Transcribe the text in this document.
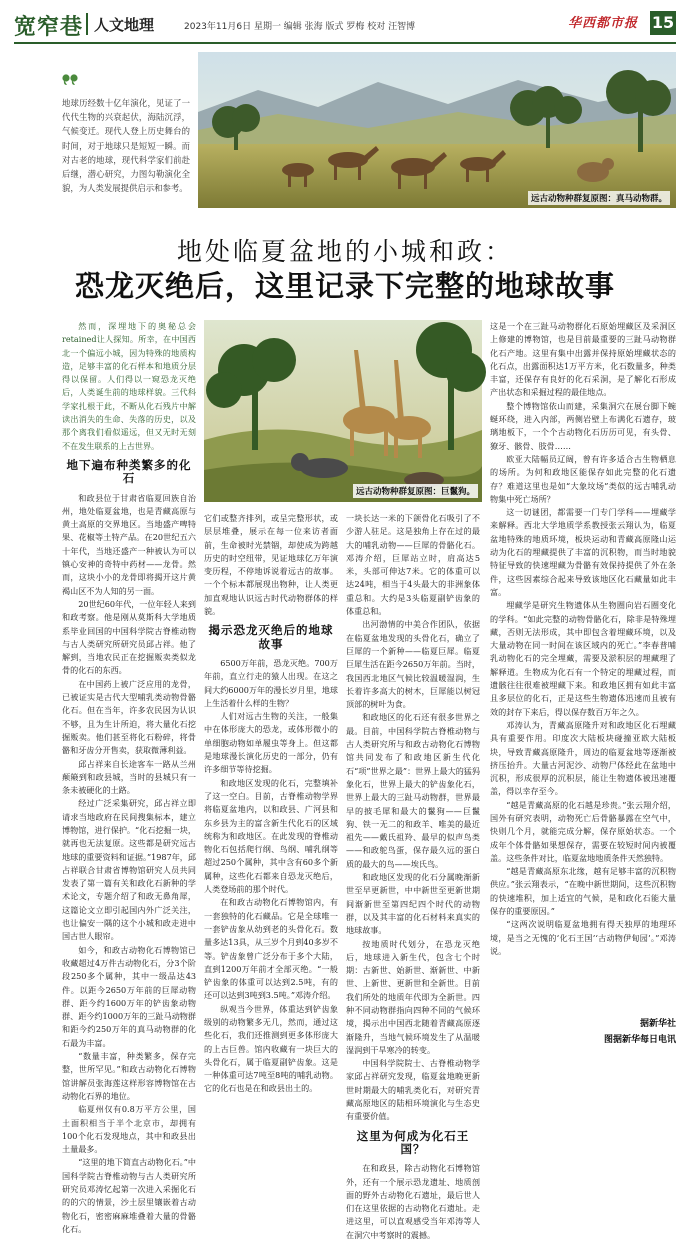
宽窄巷 人文地理	2023年11月6日 星期一 编辑 张海 版式 罗梅 校对 汪智博	华西都市报 15
地球历经数十亿年演化，见证了一代代生物的兴衰起伏，海陆沉浮，气候变迁。现代人登上历史舞台的时间，对于地球只是短短一瞬。而对古老的地球，现代科学家们前赴后继，潜心研究，力图勾勒演化全貌，为人类发展提供启示和参考。
远古动物种群复原图：真马动物群。
地处临夏盆地的小城和政：
恐龙灭绝后，这里记录下完整的地球故事

然而，深埋地下的奥秘总会retained让人探知。所幸，在中国西北一个偏远小城，因为特殊的地质构造，足够丰富的化石样本和地质分层得以保留。人们得以一窥恐龙灭绝后，人类诞生前的地球样貌。三代科学家扎根于此，不断从化石残片中解读出消失的生命、失落的历史，以及那个离我们看似遥远，但又无时无刻不在发生联系的上古世界。

地下遍布种类繁多的化石

和政县位于甘肃省临夏回族自治州，地处临夏盆地，也是青藏高原与黄土高原的交界地区。当地盛产啤特果、花椒等土特产品。在20世纪五六十年代，当地还盛产一种被认为可以镇心安神的奇特中药材——龙骨。然而，这块小小的龙骨即将揭开这片黄褐山区不为人知的另一面。

20世纪60年代，一位年轻人来到和政考察。他是刚从莫斯科大学地质系毕业回国的中国科学院古脊椎动物与古人类研究所研究员邱占祥。他了解到，当地农民正在挖掘贩卖类似龙骨的化石的东西。

在中国药上被广泛应用的龙骨，已被证实是古代大型哺乳类动物骨骼化石。但在当年，许多农民因为认识不够，且为生计所迫，将大量化石挖掘贩卖。他们甚至将化石粉碎，将骨骼和牙齿分开售卖，获取微薄利益。

邱占祥来自长途客车一路从兰州颠簸到和政县城，当时的县城只有一条未被硬化的土路。

经过广泛采集研究，邱占祥立即请求当地政府在民间搜集标本，建立博物馆，进行保护。“化石挖掘一块，就再也无法复原。这些都是研究远古地球的重要资料和证据。”1987年，邱占祥联合甘肃省博物馆研究人员共同发表了第一篇有关和政化石新种的学术论文，专题介绍了和政无鼻角犀，这篇论文立即引起国内外广泛关注，也让偏安一隅的这个小城和政走进中国古世人眼帘。

如今，和政古动物化石博物馆已收藏超过4万件古动物化石，分3个阶段250多个属种，其中一级品达43件。以距今2650万年前的巨犀动物群、距今约1600万年的铲齿象动物群、距今约1000万年的三趾马动物群和距今约250万年的真马动物群的化石最为丰富。

“数量丰富，种类繁多，保存完整，世所罕见。”和政古动物化石博物馆讲解员张海莲这样形容博物馆在古动物化石界的地位。

临夏州仅有0.8万平方公里，国土面积相当于半个北京市，却拥有100个化石发现地点，其中和政县出土量最多。

“这里的地下简直古动物化石。”中国科学院古脊椎动物与古人类研究所研究员邓涛忆起第一次进入采掘化石的的穴的情景，沙土层里镶嵌着古动物化石，密密麻麻堆叠着大量的骨骼化石。

远古动物种群复原图：巨鬣狗。

它们或整齐排列，或呈完整形状，或层层堆叠，展示在每一位来访者面前，生命被时光禁锢，却使成为跨越历史的时空纽带，见证地球亿万年演变历程，不停地诉说着远古的故事。一个个标本都展现出物种，让人类更加直观地认识远古时代动物群体的样貌。

揭示恐龙灭绝后的地球故事

6500万年前，恐龙灭绝。700万年前，直立行走的猿人出现。在这之间大约6000万年的漫长岁月里，地球上生活着什么样的生物？

人们对远古生物的关注，一般集中在体形庞大的恐龙，或体形微小的单细胞动物如单履虫等身上。但这都是地球漫长演化历史的一部分，仍有许多细节等待挖掘。

和政地区发现的化石，完整填补了这一空白。目前，古脊椎动物学界将临夏盆地内，以和政县、广河县和东乡县为主的富含新生代化石的区域统称为和政地区。在此发现的脊椎动物化石包括爬行纲、鸟纲、哺乳纲等超过250个属种，其中含有60多个新属种，这些化石都来自恐龙灭绝后，人类登场前的那个时代。

在和政古动物化石博物馆内，有一套独特的化石藏品。它是全球唯一一套铲齿象从幼到老的头骨化石。数量多达13具，从三岁个月到40多岁不等。铲齿象曾广泛分布于多个大陆，直到1200万年前才全部灭绝。“一般铲齿象的体重可以达到2.5吨，有的还可以达到3吨到3.5吨。”邓涛介绍。

纵观当今世界，体重达到铲齿象级别的动物繁多无几，然而，通过这些化石，我们还推测到更多体形庞大的上古巨兽。馆内收藏有一块巨大的头骨化石，属于临夏副铲齿象。这是一种体重可达7吨至8吨的哺乳动物。它的化石也是在和政县出土的。

一块长达一米的下颌骨化石吸引了不少游人驻足。这是独角上存在过的最大的哺乳动物——巨犀的骨骼化石。邓涛介绍，巨犀站立时，肩高达5米，头部可伸达7米。它的体重可以达24吨，相当于4头最大的非洲象体重总和。大约是3头临夏副铲齿象的体重总和。

出河渤情的中美合作团队，依据在临夏盆地发现的头骨化石，确立了巨犀的一个新种——临夏巨犀。临夏巨犀生活在距今2650万年前。当时，我国西北地区气候比较温暖湿润，生长着许多高大的树木，巨犀能以树冠顶部的树叶为食。

和政地区的化石还有很多世界之最。目前，中国科学院古脊椎动物与古人类研究所与和政古动物化石博物馆共同发布了和政地区新生代化石“项”世界之最”：世界上最大的猛犸象化石，世界上最大的铲齿象化石，世界上最大的三趾马动物群，世界最早的披毛犀和最大的鬣狗——巨鬣狗、铁一无二的和政羊、唯美的最近祖先——戴氏祖羚、最早的似声鸟类——和政鸵鸟蛋，保存最久远的蛋白质的最大的鸟——埃氏鸟。

和政地区发现的化石分属晚渐新世至早更新世，中中新世至更新世期间渐新世至第四纪四个时代的动物群，以及其丰富的化石材料来真实的地球故事。

按地质时代划分，在恐龙灭绝后，地球进入新生代，包含七个时期：古新世、始新世、渐新世、中新世、上新世、更新世和全新世。目前我们所处的地质年代即为全新世。四种不同动物群指向四种不同的气候环境，揭示出中国西北随着青藏高原逐渐隆升，当地气候环境发生了从温暖湿润到干旱寒冷的转变。

中国科学院院士、古脊椎动物学家邱占祥研究发现，临夏盆地晚更新世时期最大的哺乳类化石，对研究青藏高原地区的陆相环境演化与生态史有重要价值。

这里为何成为化石王国？

在和政县，除古动物化石博物馆外，还有一个展示恐龙遗址、地质剖面的野外古动物化石遗址，最后世人们在这里依据的古动物化石遗址。走进这里，可以直观感受当年邓涛等人在洞穴中考察时的震撼。

这是一个在三趾马动物群化石原始埋藏区及采洞区上修建的博物馆，也是目前最重要的三趾马动物群化石产地。这里有集中出露并保持原始埋藏状态的化石点，出露面积达1万平方米，化石数量多，种类丰富，还保存有良好的化石采洞，是了解化石形成产出状态和采掘过程的最佳地点。

整个博物馆依山而建，采集洞穴在展台脚下蜿蜒环绕，进入内部，两侧岩壁上布满化石遗存，玻璃地板下，一个个古动物化石历历可见，有头骨、獠牙、骸骨、肢骨……

欧亚大陆幅员辽阔，曾有许多适合古生物栖息的场所。为何和政地区能保存如此完整的化石遗存？难道这里也是如“大象坟场”类似的远古哺乳动物集中死亡场所？

这一切谜团，都需要一门专门学科——埋藏学来解释。西北大学地质学系教授张云翔认为，临夏盆地特殊的地质环境，板块运动和青藏高原隆山运动为化石的埋藏提供了丰富的沉积物，而当时地貌特征导致的快速埋藏为骨骼有效保持提供了外在条件，这些因素综合起来导致该地区化石藏量如此丰富。

埋藏学是研究生物遗体从生物圈向岩石圈变化的学科。“如此完整的动物骨骼化石，除非是特殊埋藏，否则无法形成，其中即包含着埋藏环境，以及大量动物在同一时间在该区域内的死亡。”李春普哺乳动物化石的完全埋藏，需要及淤积层的埋藏理了解释道。生物成为化石有一个特定的埋藏过程，而遗骸往往很难被埋藏下来。和政地区拥有如此丰富且多层位的化石，正是这些生物遗体迅速而且被有效的封存下来后，得以保存数百万年之久。

邓涛认为，青藏高原隆升对和政地区化石埋藏具有重要作用。印度次大陆板块碰撞亚欧大陆板块，导致青藏高原隆升，周边的临夏盆地等逐渐被挤压抬升。大量古河泥沙、动物尸体经此在盆地中沉积，形成很厚的沉积层，能让生物遗体被迅速覆盖，得以幸存至今。

“越是青藏高原的化石越是珍贵。”张云翔介绍，国外有研究表明，动物死亡后骨骼暴露在空气中，快则几个月，就能完成分解，保存原始状态。一个成年个体骨骼如果想保存，需要在较短时间内被覆盖。这些条件对比，临夏盆地地质条件天然独特。

“越是青藏高原东北缘，越有足够丰富的沉积物供应。”张云翔表示，“在晚中新世期间，这些沉积物的快速堆积，加上适宜的气候，是和政化石能大量保存的重要原因。”

“这两次说明临夏盆地拥有得天独厚的地理环境，是当之无愧的‘化石王国’‘古动物伊甸园’。”邓涛说。

据新华社
图据新华每日电讯
